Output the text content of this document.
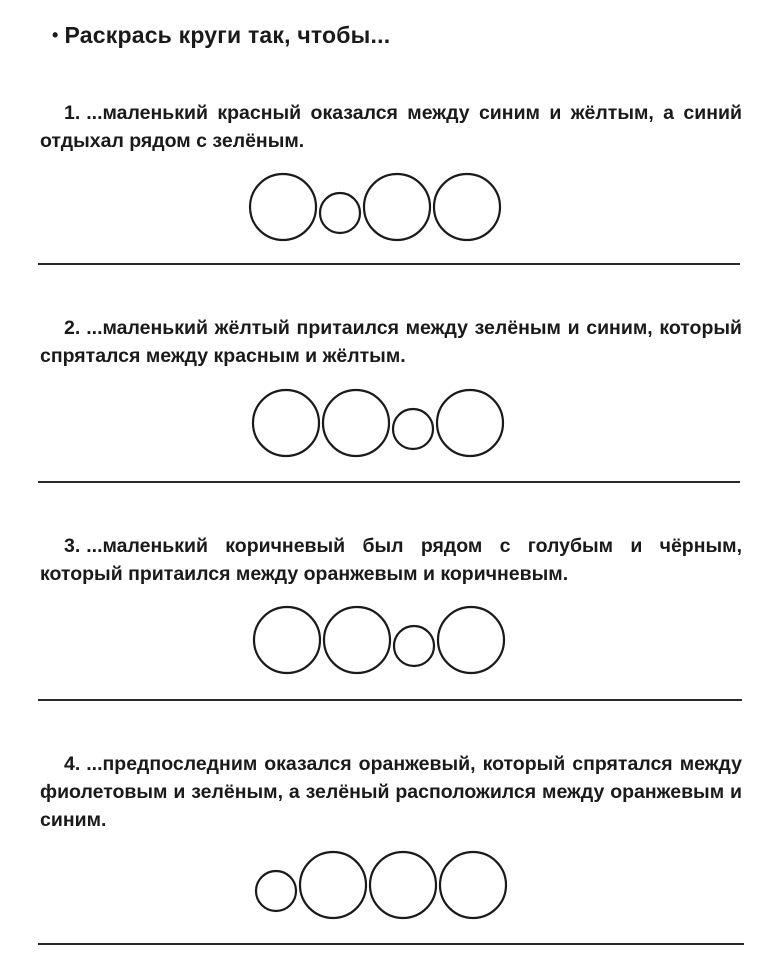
• Раскрась круги так, чтобы...
1. ...маленький красный оказался между синим и жёлтым, а синий отдыхал рядом с зелёным.
2. ...маленький жёлтый притаился между зелёным и синим, который спрятался между красным и жёлтым.
3. ...маленький коричневый был рядом с голубым и чёрным, который притаился между оранжевым и коричневым.
4. ...предпоследним оказался оранжевый, который спрятался между фиолетовым и зелёным, а зелёный расположился между оранжевым и синим.
